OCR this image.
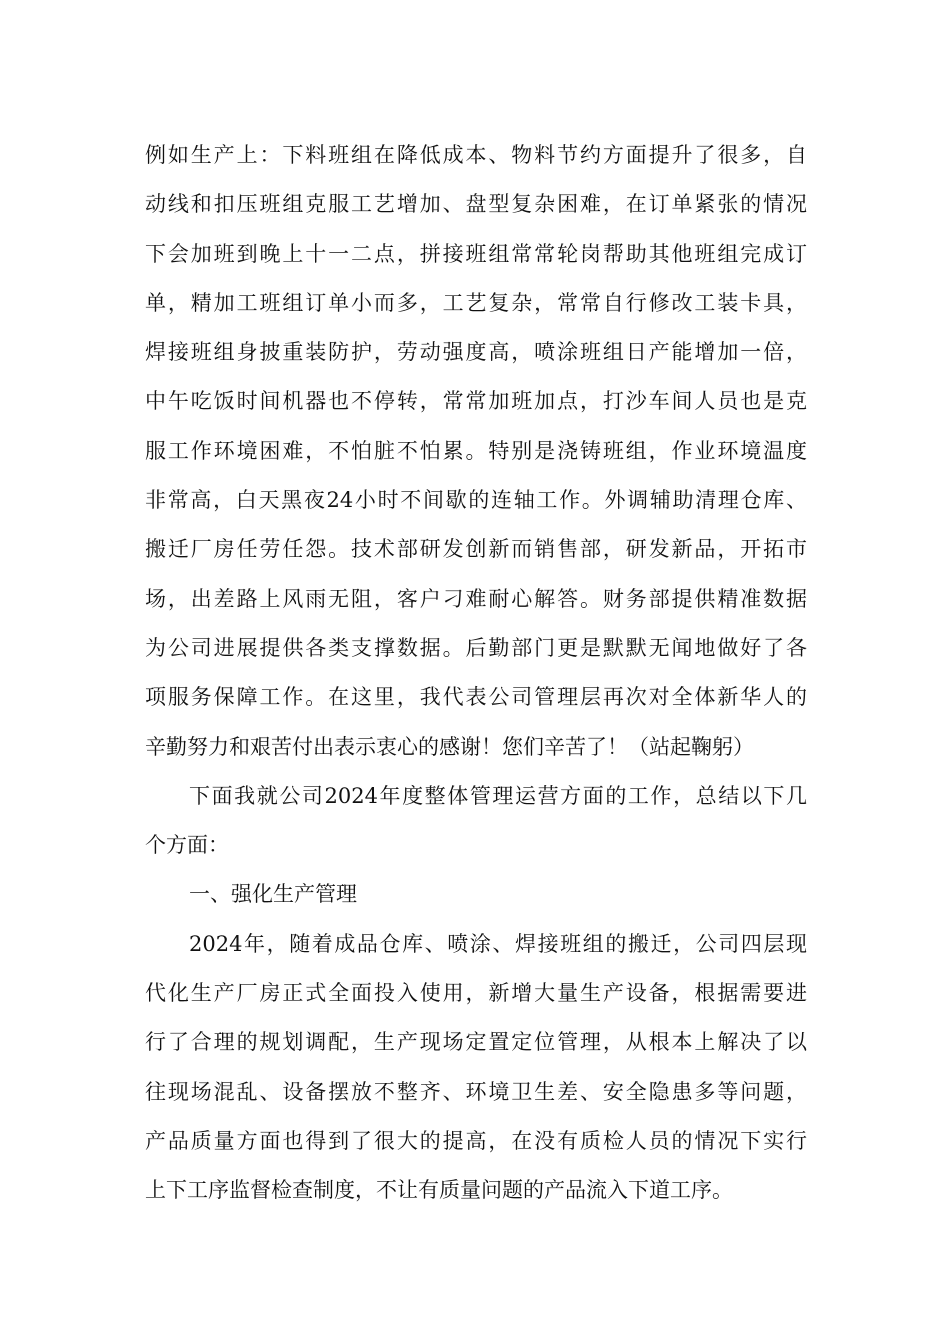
例如生产上：下料班组在降低成本、物料节约方面提升了很多，自
动线和扣压班组克服工艺增加、盘型复杂困难，在订单紧张的情况
下会加班到晚上十一二点，拼接班组常常轮岗帮助其他班组完成订
单，精加工班组订单小而多，工艺复杂，常常自行修改工装卡具，
焊接班组身披重装防护，劳动强度高，喷涂班组日产能增加一倍，
中午吃饭时间机器也不停转，常常加班加点，打沙车间人员也是克
服工作环境困难，不怕脏不怕累。特别是浇铸班组，作业环境温度
非常高，白天黑夜24小时不间歇的连轴工作。外调辅助清理仓库、
搬迁厂房任劳任怨。技术部研发创新而销售部，研发新品，开拓市
场，出差路上风雨无阻，客户刁难耐心解答。财务部提供精准数据
为公司进展提供各类支撑数据。后勤部门更是默默无闻地做好了各
项服务保障工作。在这里，我代表公司管理层再次对全体新华人的
辛勤努力和艰苦付出表示衷心的感谢！您们辛苦了！（站起鞠躬）
下面我就公司2024年度整体管理运营方面的工作，总结以下几
个方面：
一、强化生产管理
2024年，随着成品仓库、喷涂、焊接班组的搬迁，公司四层现
代化生产厂房正式全面投入使用，新增大量生产设备，根据需要进
行了合理的规划调配，生产现场定置定位管理，从根本上解决了以
往现场混乱、设备摆放不整齐、环境卫生差、安全隐患多等问题，
产品质量方面也得到了很大的提高，在没有质检人员的情况下实行
上下工序监督检查制度，不让有质量问题的产品流入下道工序。
